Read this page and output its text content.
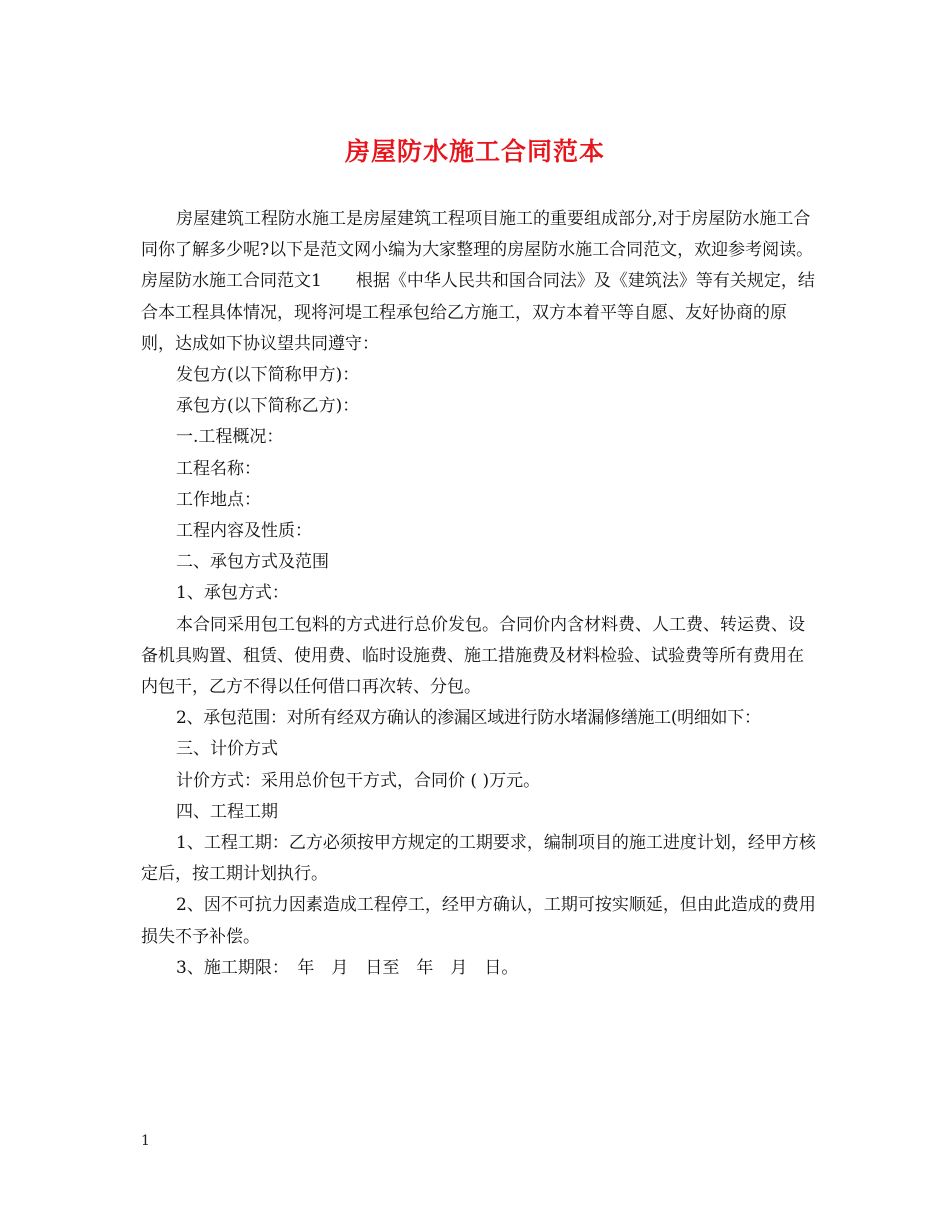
房屋防水施工合同范本

房屋建筑工程防水施工是房屋建筑工程项目施工的重要组成部分,对于房屋防水施工合同你了解多少呢?以下是范文网小编为大家整理的房屋防水施工合同范文，欢迎参考阅读。

房屋防水施工合同范文1　　根据《中华人民共和国合同法》及《建筑法》等有关规定，结合本工程具体情况，现将河堤工程承包给乙方施工，双方本着平等自愿、友好协商的原则，达成如下协议望共同遵守：

发包方(以下简称甲方)：

承包方(以下简称乙方)：

一.工程概况：

工程名称：

工作地点：

工程内容及性质：

二、承包方式及范围

1、承包方式：

本合同采用包工包料的方式进行总价发包。合同价内含材料费、人工费、转运费、设备机具购置、租赁、使用费、临时设施费、施工措施费及材料检验、试验费等所有费用在内包干，乙方不得以任何借口再次转、分包。

2、承包范围：对所有经双方确认的渗漏区域进行防水堵漏修缮施工(明细如下：

三、计价方式

计价方式：采用总价包干方式，合同价 ( )万元。

四、工程工期

1、工程工期：乙方必须按甲方规定的工期要求，编制项目的施工进度计划，经甲方核定后，按工期计划执行。

2、因不可抗力因素造成工程停工，经甲方确认，工期可按实顺延，但由此造成的费用损失不予补偿。

3、施工期限：　年　月　日至　年　月　日。

1
